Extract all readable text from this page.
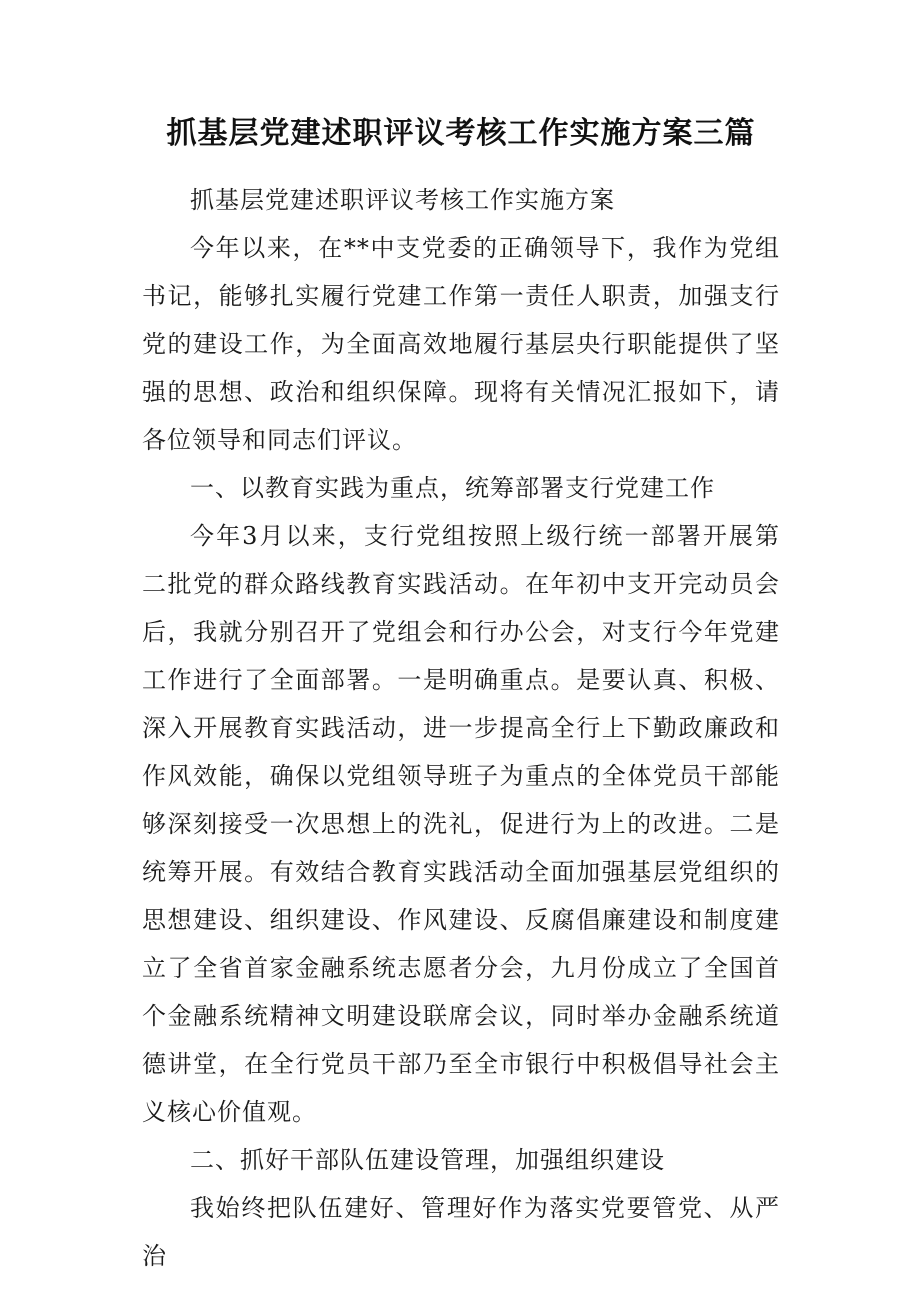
抓基层党建述职评议考核工作实施方案三篇

抓基层党建述职评议考核工作实施方案

今年以来，在**中支党委的正确领导下，我作为党组书记，能够扎实履行党建工作第一责任人职责，加强支行党的建设工作，为全面高效地履行基层央行职能提供了坚强的思想、政治和组织保障。现将有关情况汇报如下，请各位领导和同志们评议。

一、以教育实践为重点，统筹部署支行党建工作

今年3月以来，支行党组按照上级行统一部署开展第二批党的群众路线教育实践活动。在年初中支开完动员会后，我就分别召开了党组会和行办公会，对支行今年党建工作进行了全面部署。一是明确重点。是要认真、积极、深入开展教育实践活动，进一步提高全行上下勤政廉政和作风效能，确保以党组领导班子为重点的全体党员干部能够深刻接受一次思想上的洗礼，促进行为上的改进。二是统筹开展。有效结合教育实践活动全面加强基层党组织的思想建设、组织建设、作风建设、反腐倡廉建设和制度建立了全省首家金融系统志愿者分会，九月份成立了全国首个金融系统精神文明建设联席会议，同时举办金融系统道德讲堂，在全行党员干部乃至全市银行中积极倡导社会主义核心价值观。

二、抓好干部队伍建设管理，加强组织建设

我始终把队伍建好、管理好作为落实党要管党、从严治
